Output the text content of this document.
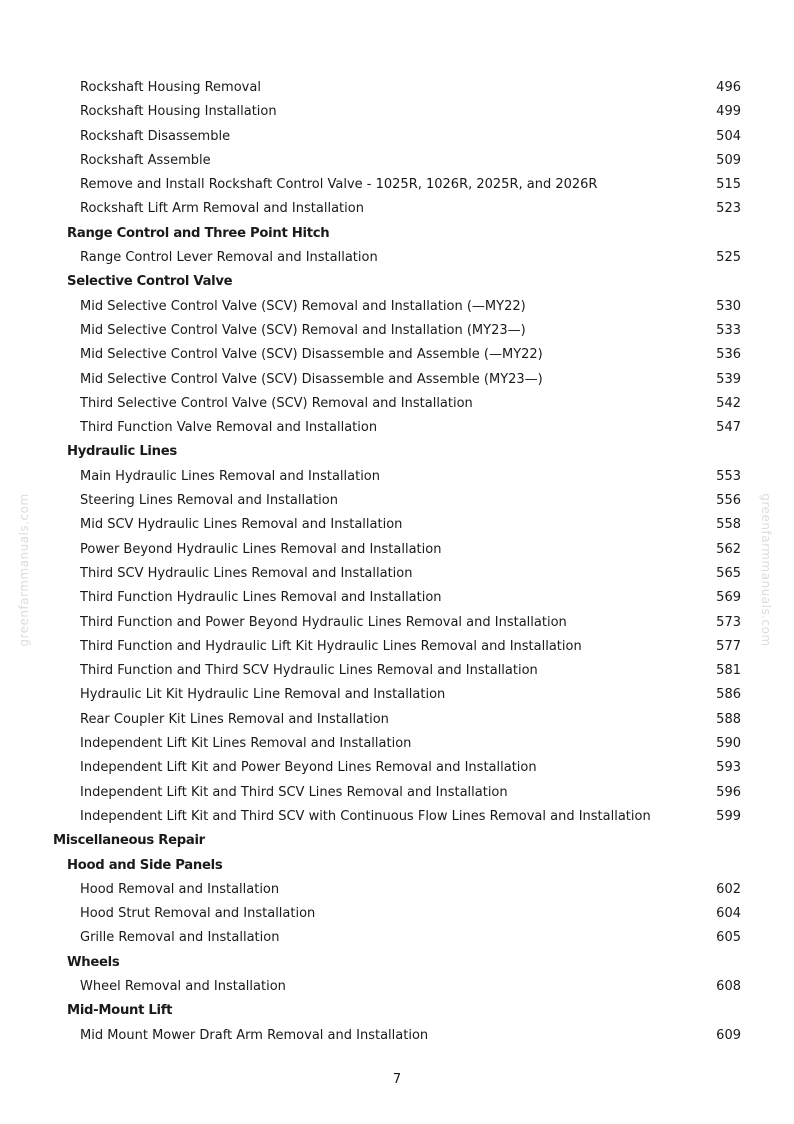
greenfarmmanuals.com	greenfarmmanuals.com
Rockshaft Housing Removal	496
Rockshaft Housing Installation	499
Rockshaft Disassemble	504
Rockshaft Assemble	509
Remove and Install Rockshaft Control Valve - 1025R, 1026R, 2025R, and 2026R	515
Rockshaft Lift Arm Removal and Installation	523
Range Control and Three Point Hitch
Range Control Lever Removal and Installation	525
Selective Control Valve
Mid Selective Control Valve (SCV) Removal and Installation (—MY22)	530
Mid Selective Control Valve (SCV) Removal and Installation (MY23—)	533
Mid Selective Control Valve (SCV) Disassemble and Assemble (—MY22)	536
Mid Selective Control Valve (SCV) Disassemble and Assemble (MY23—)	539
Third Selective Control Valve (SCV) Removal and Installation	542
Third Function Valve Removal and Installation	547
Hydraulic Lines
Main Hydraulic Lines Removal and Installation	553
Steering Lines Removal and Installation	556
Mid SCV Hydraulic Lines Removal and Installation	558
Power Beyond Hydraulic Lines Removal and Installation	562
Third SCV Hydraulic Lines Removal and Installation	565
Third Function Hydraulic Lines Removal and Installation	569
Third Function and Power Beyond Hydraulic Lines Removal and Installation	573
Third Function and Hydraulic Lift Kit Hydraulic Lines Removal and Installation	577
Third Function and Third SCV Hydraulic Lines Removal and Installation	581
Hydraulic Lit Kit Hydraulic Line Removal and Installation	586
Rear Coupler Kit Lines Removal and Installation	588
Independent Lift Kit Lines Removal and Installation	590
Independent Lift Kit and Power Beyond Lines Removal and Installation	593
Independent Lift Kit and Third SCV Lines Removal and Installation	596
Independent Lift Kit and Third SCV with Continuous Flow Lines Removal and Installation	599
Miscellaneous Repair
Hood and Side Panels
Hood Removal and Installation	602
Hood Strut Removal and Installation	604
Grille Removal and Installation	605
Wheels
Wheel Removal and Installation	608
Mid-Mount Lift
Mid Mount Mower Draft Arm Removal and Installation	609
7
